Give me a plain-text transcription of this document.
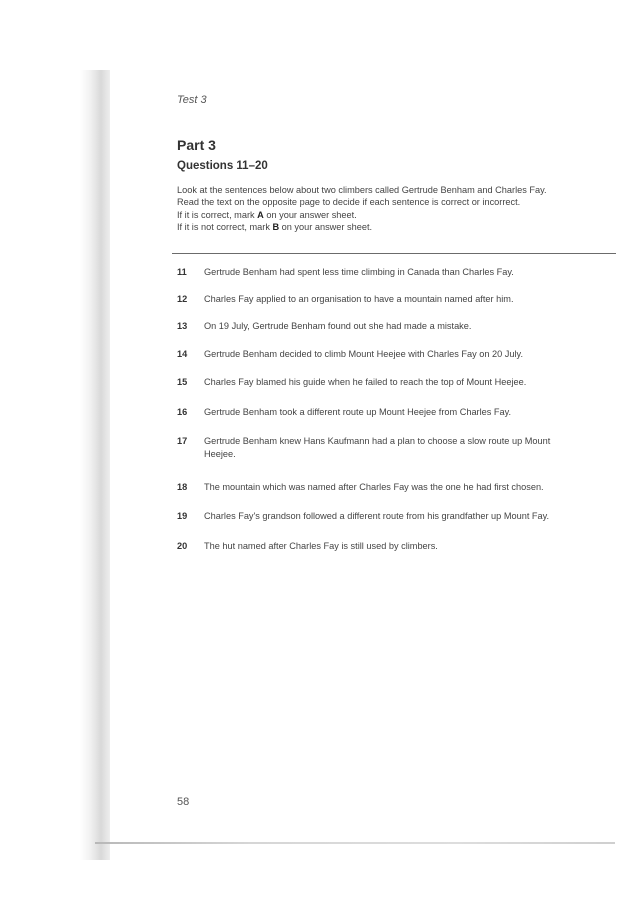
Test 3
Part 3
Questions 11–20
Look at the sentences below about two climbers called Gertrude Benham and Charles Fay.
Read the text on the opposite page to decide if each sentence is correct or incorrect.
If it is correct, mark A on your answer sheet.
If it is not correct, mark B on your answer sheet.
11 Gertrude Benham had spent less time climbing in Canada than Charles Fay.
12 Charles Fay applied to an organisation to have a mountain named after him.
13 On 19 July, Gertrude Benham found out she had made a mistake.
14 Gertrude Benham decided to climb Mount Heejee with Charles Fay on 20 July.
15 Charles Fay blamed his guide when he failed to reach the top of Mount Heejee.
16 Gertrude Benham took a different route up Mount Heejee from Charles Fay.
17 Gertrude Benham knew Hans Kaufmann had a plan to choose a slow route up Mount
Heejee.
18 The mountain which was named after Charles Fay was the one he had first chosen.
19 Charles Fay's grandson followed a different route from his grandfather up Mount Fay.
20 The hut named after Charles Fay is still used by climbers.
58
